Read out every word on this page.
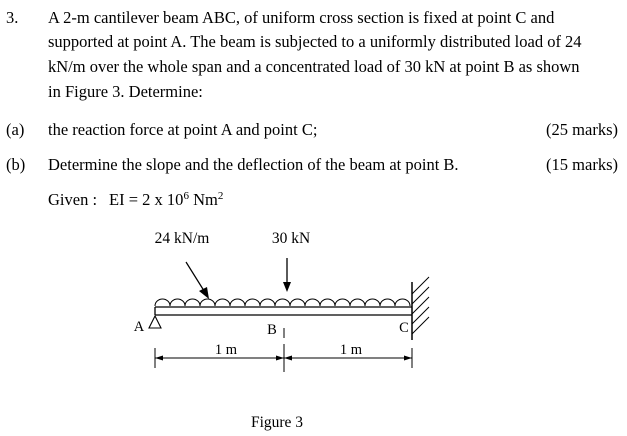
3. A 2-m cantilever beam ABC, of uniform cross section is fixed at point C and
supported at point A. The beam is subjected to a uniformly distributed load of 24
kN/m over the whole span and a concentrated load of 30 kN at point B as shown
in Figure 3. Determine:
(a) the reaction force at point A and point C;	(25 marks)
(b) Determine the slope and the deflection of the beam at point B.	(15 marks)
Given : EI = 2 x $10^6$ Nm$^2$
24 kN/m	30 kN
A	B	C
1 m	1 m
Figure 3
